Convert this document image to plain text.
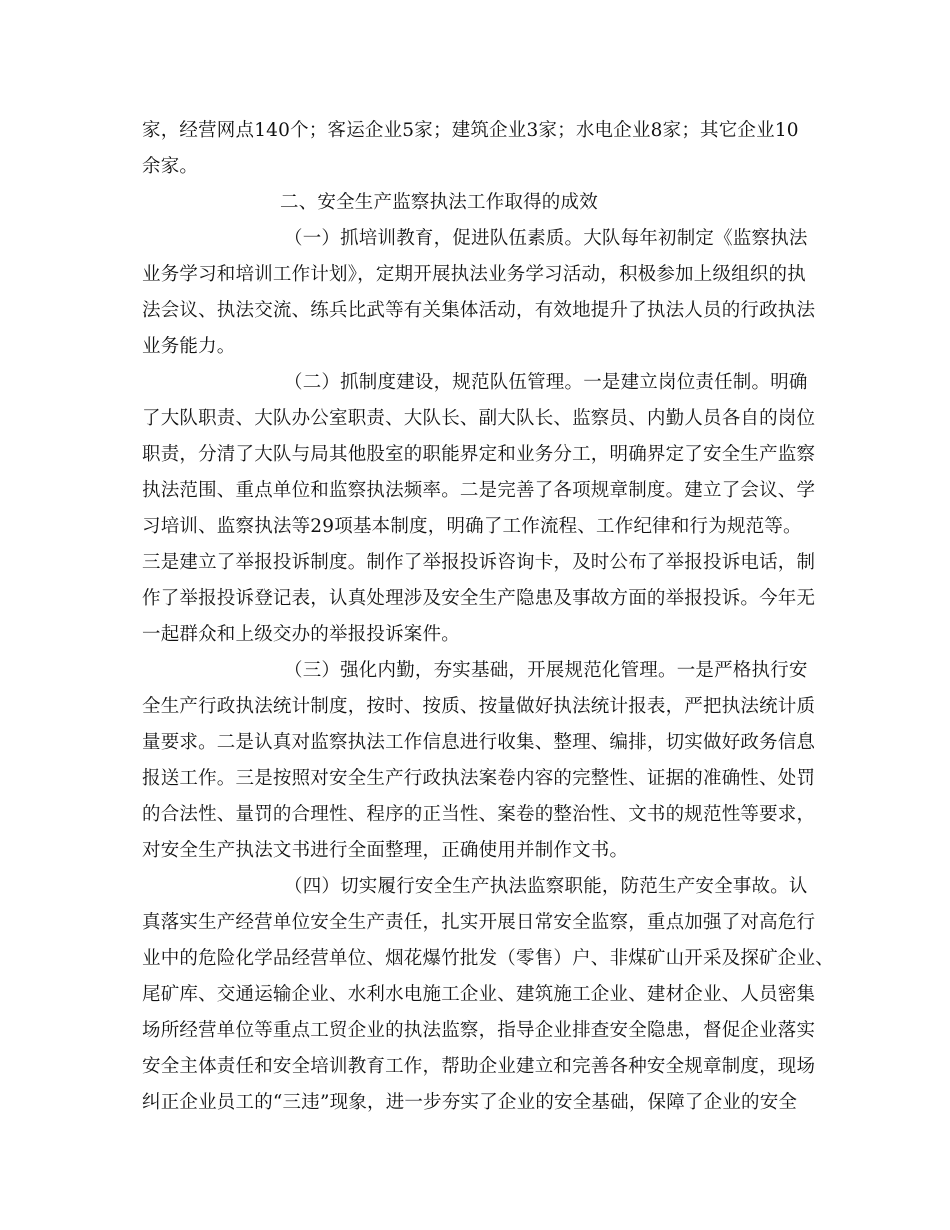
家，经营网点140个；客运企业5家；建筑企业3家；水电企业8家；其它企业10
余家。
二、安全生产监察执法工作取得的成效
（一）抓培训教育，促进队伍素质。大队每年初制定《监察执法
业务学习和培训工作计划》，定期开展执法业务学习活动，积极参加上级组织的执
法会议、执法交流、练兵比武等有关集体活动，有效地提升了执法人员的行政执法
业务能力。
（二）抓制度建设，规范队伍管理。一是建立岗位责任制。明确
了大队职责、大队办公室职责、大队长、副大队长、监察员、内勤人员各自的岗位
职责，分清了大队与局其他股室的职能界定和业务分工，明确界定了安全生产监察
执法范围、重点单位和监察执法频率。二是完善了各项规章制度。建立了会议、学
习培训、监察执法等29项基本制度，明确了工作流程、工作纪律和行为规范等。
三是建立了举报投诉制度。制作了举报投诉咨询卡，及时公布了举报投诉电话，制
作了举报投诉登记表，认真处理涉及安全生产隐患及事故方面的举报投诉。今年无
一起群众和上级交办的举报投诉案件。
（三）强化内勤，夯实基础，开展规范化管理。一是严格执行安
全生产行政执法统计制度，按时、按质、按量做好执法统计报表，严把执法统计质
量要求。二是认真对监察执法工作信息进行收集、整理、编排，切实做好政务信息
报送工作。三是按照对安全生产行政执法案卷内容的完整性、证据的准确性、处罚
的合法性、量罚的合理性、程序的正当性、案卷的整治性、文书的规范性等要求，
对安全生产执法文书进行全面整理，正确使用并制作文书。
（四）切实履行安全生产执法监察职能，防范生产安全事故。认
真落实生产经营单位安全生产责任，扎实开展日常安全监察，重点加强了对高危行
业中的危险化学品经营单位、烟花爆竹批发（零售）户、非煤矿山开采及探矿企业、
尾矿库、交通运输企业、水利水电施工企业、建筑施工企业、建材企业、人员密集
场所经营单位等重点工贸企业的执法监察，指导企业排查安全隐患，督促企业落实
安全主体责任和安全培训教育工作，帮助企业建立和完善各种安全规章制度，现场
纠正企业员工的“三违”现象，进一步夯实了企业的安全基础，保障了企业的安全
